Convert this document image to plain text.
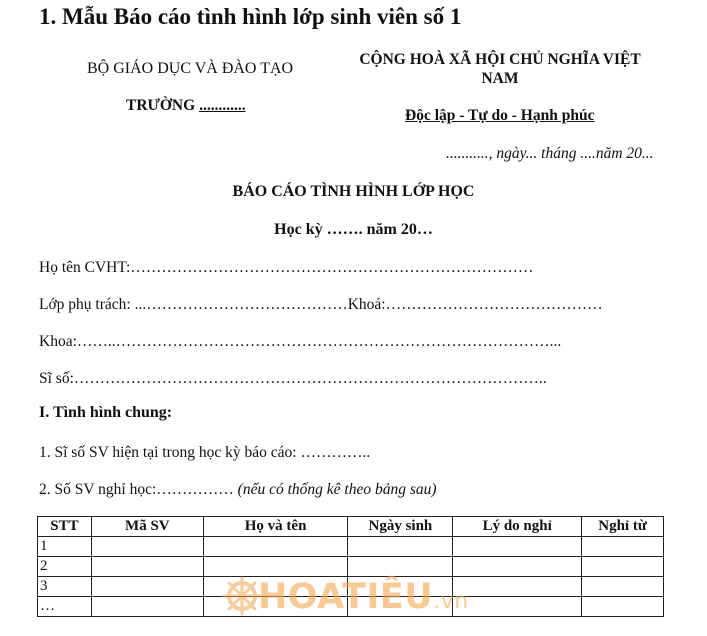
1. Mẫu Báo cáo tình hình lớp sinh viên số 1
BỘ GIÁO DỤC VÀ ĐÀO TẠO
TRƯỜNG ............
CỘNG HOÀ XÃ HỘI CHỦ NGHĨA VIỆT NAM
Độc lập - Tự do - Hạnh phúc
..........., ngày... tháng ....năm 20...
BÁO CÁO TÌNH HÌNH LỚP HỌC
Học kỳ ……. năm 20…
Họ tên CVHT:……………………………………………………………………
Lớp phụ trách: ...…………………………………Khoá:……………………………………
Khoa:……..…………………………………………………………………………...
Sĩ số:………………………………………………………………………………..
I. Tình hình chung:
1. Sĩ số SV hiện tại trong học kỳ báo cáo: …………..
2. Số SV nghỉ học:…………… (nếu có thống kê theo bảng sau)
STT	Mã SV	Họ và tên	Ngày sinh	Lý do nghỉ	Nghỉ từ
1					
2					
3					
…						HOATIÊU.vn
